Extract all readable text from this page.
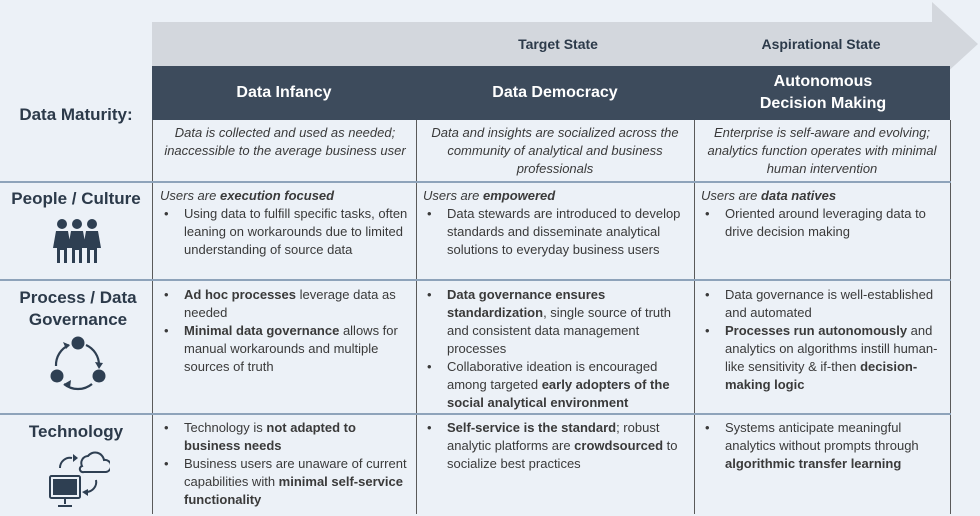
Target State	Aspirational State
Data Infancy	Data Democracy
Autonomous Decision Making
Data Maturity:
People / Culture
Process / Data Governance
Technology
Data is collected and used as needed; inaccessible to the average business user
Data and insights are socialized across the community of analytical and business professionals
Enterprise is self-aware and evolving; analytics function operates with minimal human intervention
Users are execution focused
• Using data to fulfill specific tasks, often leaning on workarounds due to limited understanding of source data
Users are empowered
• Data stewards are introduced to develop standards and disseminate analytical solutions to everyday business users
Users are data natives
• Oriented around leveraging data to drive decision making
• Ad hoc processes leverage data as needed
• Minimal data governance allows for manual workarounds and multiple sources of truth
• Data governance ensures standardization, single source of truth and consistent data management processes
• Collaborative ideation is encouraged among targeted early adopters of the social analytical environment
• Data governance is well-established and automated
• Processes run autonomously and analytics on algorithms instill human-like sensitivity & if-then decision-making logic
• Technology is not adapted to business needs
• Business users are unaware of current capabilities with minimal self-service functionality
• Self-service is the standard; robust analytic platforms are crowdsourced to socialize best practices
• Systems anticipate meaningful analytics without prompts through algorithmic transfer learning
